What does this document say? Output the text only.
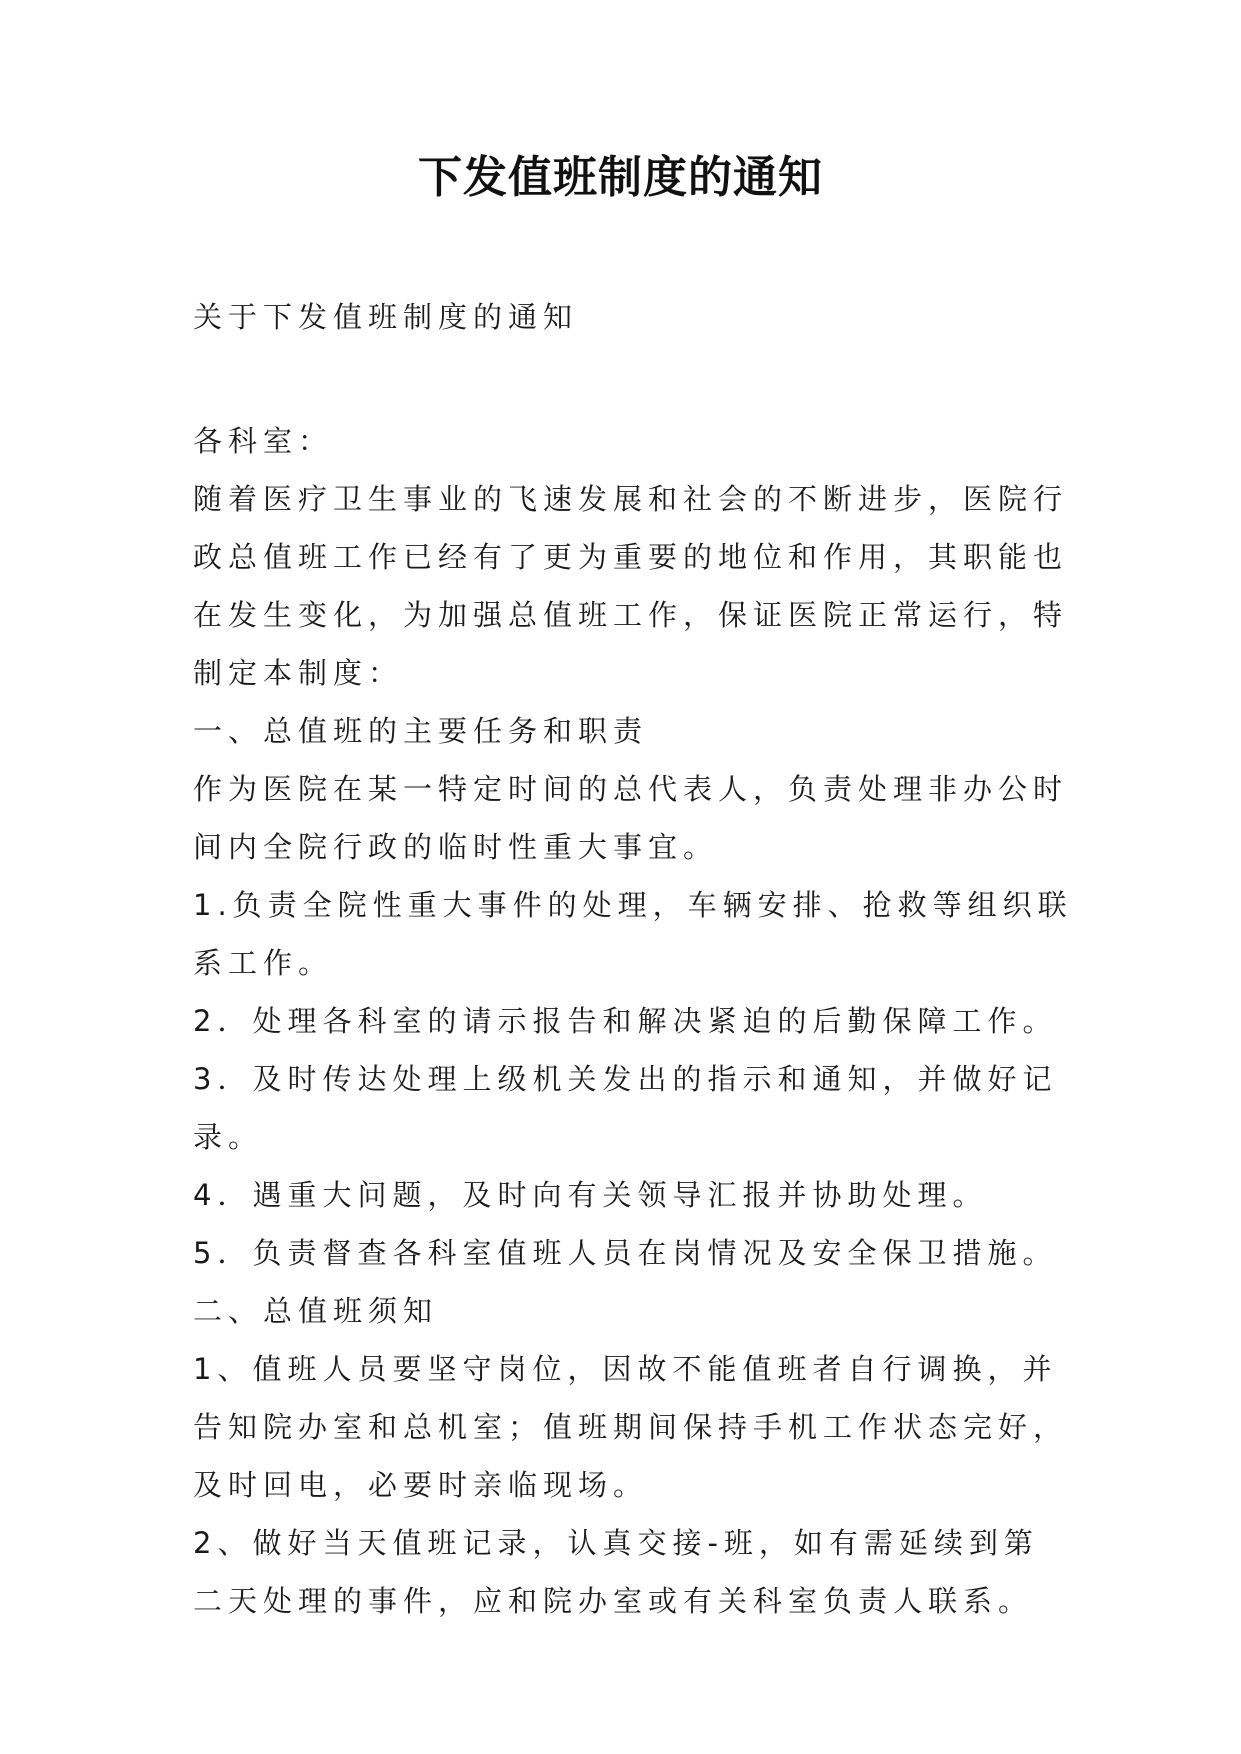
下发值班制度的通知
关于下发值班制度的通知

各科室：

随着医疗卫生事业的飞速发展和社会的不断进步，医院行政总值班工作已经有了更为重要的地位和作用，其职能也在发生变化，为加强总值班工作，保证医院正常运行，特制定本制度：

一、总值班的主要任务和职责

作为医院在某一特定时间的总代表人，负责处理非办公时间内全院行政的临时性重大事宜。

1.负责全院性重大事件的处理，车辆安排、抢救等组织联系工作。

2．处理各科室的请示报告和解决紧迫的后勤保障工作。

3．及时传达处理上级机关发出的指示和通知，并做好记录。

4．遇重大问题，及时向有关领导汇报并协助处理。

5．负责督查各科室值班人员在岗情况及安全保卫措施。

二、总值班须知

1、值班人员要坚守岗位，因故不能值班者自行调换，并告知院办室和总机室；值班期间保持手机工作状态完好，及时回电，必要时亲临现场。

2、做好当天值班记录，认真交接-班，如有需延续到第二天处理的事件，应和院办室或有关科室负责人联系。
